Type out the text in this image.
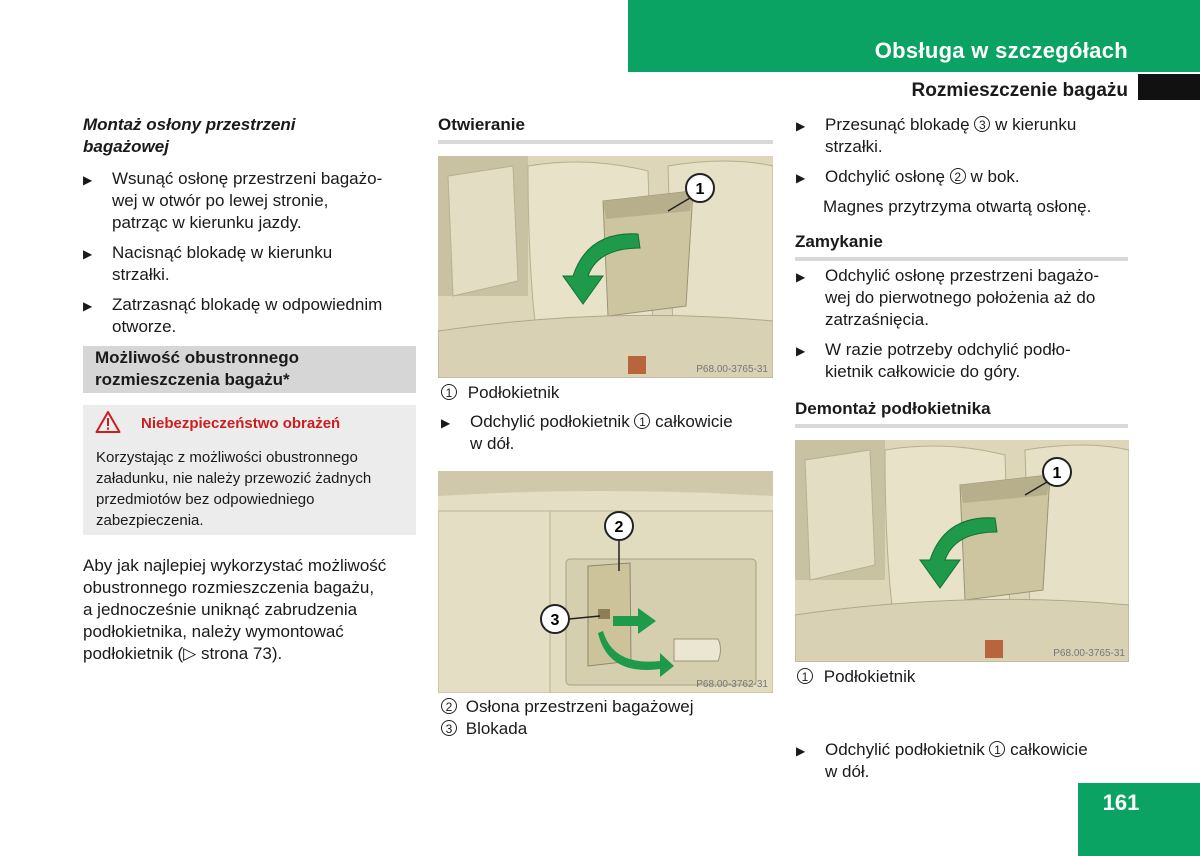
Obsługa w szczegółach
Rozmieszczenie bagażu
Montaż osłony przestrzeni
bagażowej
▶ Wsunąć osłonę przestrzeni bagażo-
wej w otwór po lewej stronie,
patrząc w kierunku jazdy.
▶ Nacisnąć blokadę w kierunku
strzałki.
▶ Zatrzasnąć blokadę w odpowiednim
otworze.
Możliwość obustronnego
rozmieszczenia bagażu*
Niebezpieczeństwo obrażeń
Korzystając z możliwości obustronnego
załadunku, nie należy przewozić żadnych
przedmiotów bez odpowiedniego
zabezpieczenia.
Aby jak najlepiej wykorzystać możliwość
obustronnego rozmieszczenia bagażu,
a jednocześnie uniknąć zabrudzenia
podłokietnika, należy wymontować
podłokietnik (▷ strona 73).
Otwieranie
1
P68.00-3765-31
1 Podłokietnik
▶ Odchylić podłokietnik 1 całkowicie
w dół.
2
3
P68.00-3762-31
2 Osłona przestrzeni bagażowej
3 Blokada
▶ Przesunąć blokadę 3 w kierunku
strzałki.
▶ Odchylić osłonę 2 w bok.
Magnes przytrzyma otwartą osłonę.
Zamykanie
▶ Odchylić osłonę przestrzeni bagażo-
wej do pierwotnego położenia aż do
zatrzaśnięcia.
▶ W razie potrzeby odchylić podło-
kietnik całkowicie do góry.
Demontaż podłokietnika
1
P68.00-3765-31
1 Podłokietnik
▶ Odchylić podłokietnik 1 całkowicie
w dół.
161
